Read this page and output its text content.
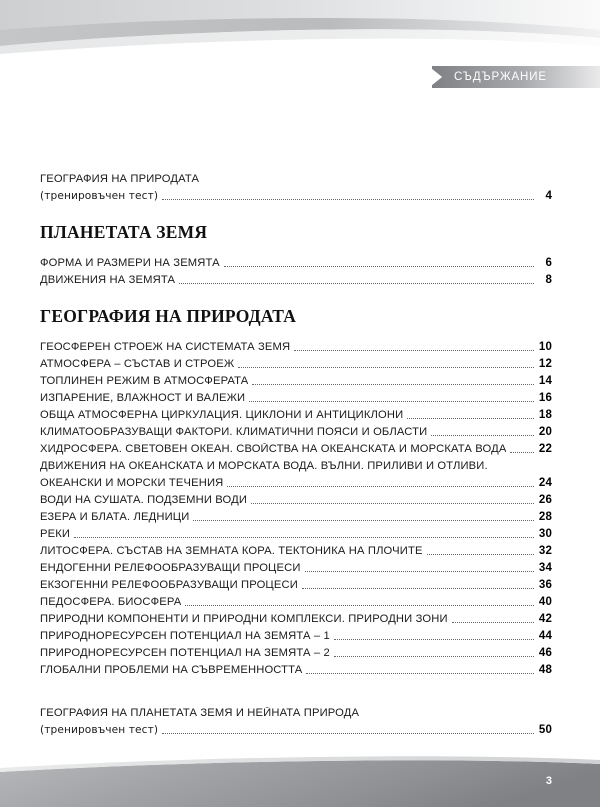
СЪДЪРЖАНИЕ
ГЕОГРАФИЯ НА ПРИРОДАТА
(тренировъчен тест)	4
ПЛАНЕТАТА ЗЕМЯ
ФОРМА И РАЗМЕРИ НА ЗЕМЯТА	6
ДВИЖЕНИЯ НА ЗЕМЯТА	8
ГЕОГРАФИЯ НА ПРИРОДАТА
ГЕОСФЕРЕН СТРОЕЖ НА СИСТЕМАТА ЗЕМЯ	10
АТМОСФЕРА – СЪСТАВ И СТРОЕЖ	12
ТОПЛИНЕН РЕЖИМ В АТМОСФЕРАТА	14
ИЗПАРЕНИЕ, ВЛАЖНОСТ И ВАЛЕЖИ	16
ОБЩА АТМОСФЕРНА ЦИРКУЛАЦИЯ. ЦИКЛОНИ И АНТИЦИКЛОНИ	18
КЛИМАТООБРАЗУВАЩИ ФАКТОРИ. КЛИМАТИЧНИ ПОЯСИ И ОБЛАСТИ	20
ХИДРОСФЕРА. СВЕТОВЕН ОКЕАН. СВОЙСТВА НА ОКЕАНСКАТА И МОРСКАТА ВОДА	22
ДВИЖЕНИЯ НА ОКЕАНСКАТА И МОРСКАТА ВОДА. ВЪЛНИ. ПРИЛИВИ И ОТЛИВИ.
ОКЕАНСКИ И МОРСКИ ТЕЧЕНИЯ	24
ВОДИ НА СУШАТА. ПОДЗЕМНИ ВОДИ	26
ЕЗЕРА И БЛАТА. ЛЕДНИЦИ	28
РЕКИ	30
ЛИТОСФЕРА. СЪСТАВ НА ЗЕМНАТА КОРА. ТЕКТОНИКА НА ПЛОЧИТЕ	32
ЕНДОГЕННИ РЕЛЕФООБРАЗУВАЩИ ПРОЦЕСИ	34
ЕКЗОГЕННИ РЕЛЕФООБРАЗУВАЩИ ПРОЦЕСИ	36
ПЕДОСФЕРА. БИОСФЕРА	40
ПРИРОДНИ КОМПОНЕНТИ И ПРИРОДНИ КОМПЛЕКСИ. ПРИРОДНИ ЗОНИ	42
ПРИРОДНОРЕСУРСЕН ПОТЕНЦИАЛ НА ЗЕМЯТА – 1	44
ПРИРОДНОРЕСУРСЕН ПОТЕНЦИАЛ НА ЗЕМЯТА – 2	46
ГЛОБАЛНИ ПРОБЛЕМИ НА СЪВРЕМЕННОСТТА	48
ГЕОГРАФИЯ НА ПЛАНЕТАТА ЗЕМЯ И НЕЙНАТА ПРИРОДА
(тренировъчен тест)	50
3
